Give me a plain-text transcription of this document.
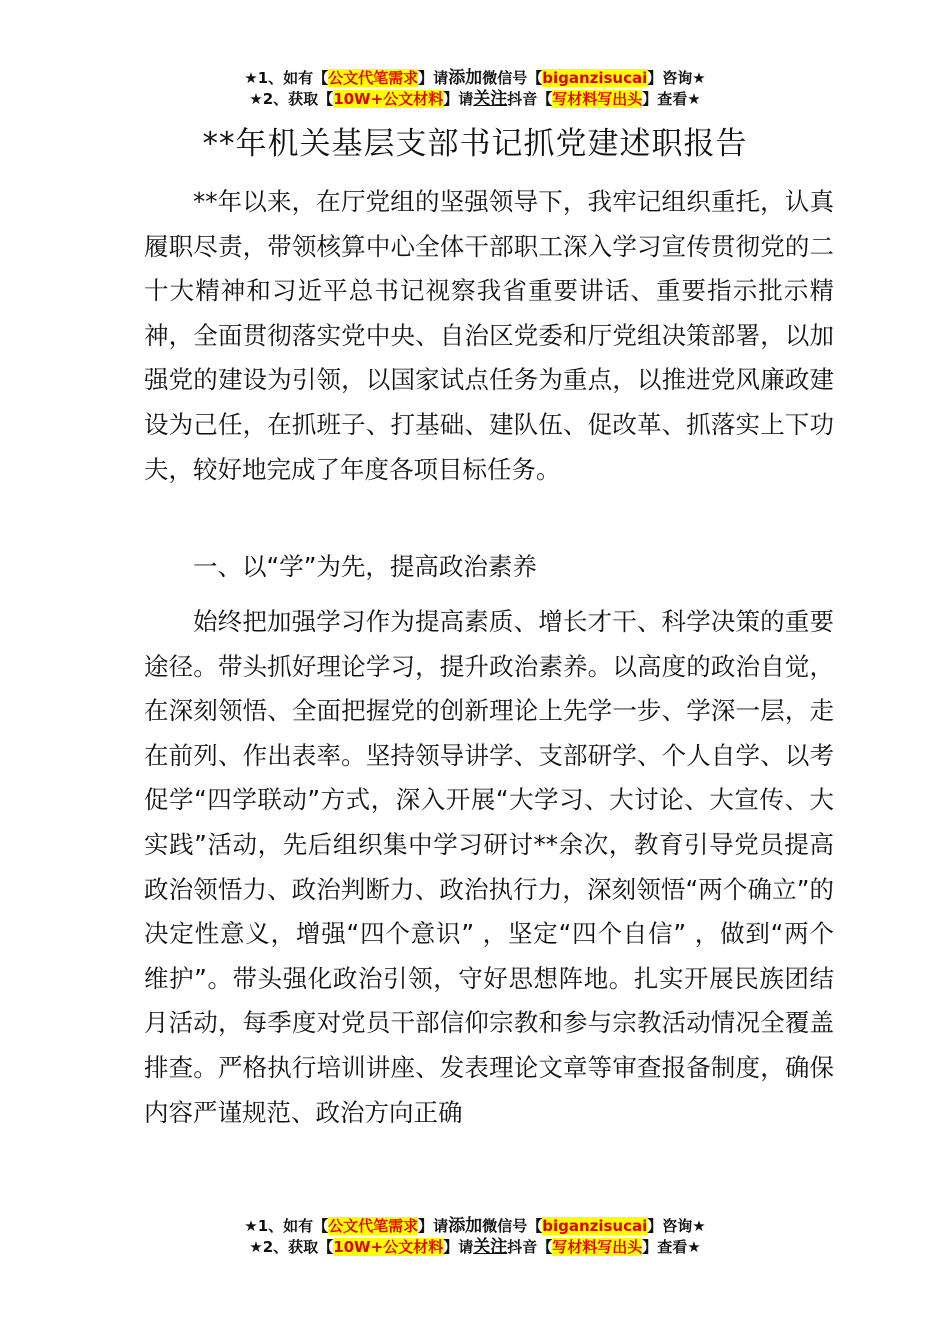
★1、如有【公文代笔需求】请添加微信号【biganzisucai】咨询★
★2、获取【10W+公文材料】请关注抖音【写材料写出头】查看★
**年机关基层支部书记抓党建述职报告

**年以来，在厅党组的坚强领导下，我牢记组织重托，认真履职尽责，带领核算中心全体干部职工深入学习宣传贯彻党的二十大精神和习近平总书记视察我省重要讲话、重要指示批示精神，全面贯彻落实党中央、自治区党委和厅党组决策部署，以加强党的建设为引领，以国家试点任务为重点，以推进党风廉政建设为己任，在抓班子、打基础、建队伍、促改革、抓落实上下功夫，较好地完成了年度各项目标任务。

一、以“学”为先，提高政治素养

始终把加强学习作为提高素质、增长才干、科学决策的重要途径。带头抓好理论学习，提升政治素养。以高度的政治自觉，在深刻领悟、全面把握党的创新理论上先学一步、学深一层，走在前列、作出表率。坚持领导讲学、支部研学、个人自学、以考促学“四学联动”方式，深入开展“大学习、大讨论、大宣传、大实践”活动，先后组织集中学习研讨**余次，教育引导党员提高政治领悟力、政治判断力、政治执行力，深刻领悟“两个确立”的决定性意义，增强“四个意识” ，坚定“四个自信” ，做到“两个维护”。带头强化政治引领，守好思想阵地。扎实开展民族团结月活动，每季度对党员干部信仰宗教和参与宗教活动情况全覆盖排查。严格执行培训讲座、发表理论文章等审查报备制度，确保内容严谨规范、政治方向正确

★1、如有【公文代笔需求】请添加微信号【biganzisucai】咨询★
★2、获取【10W+公文材料】请关注抖音【写材料写出头】查看★
